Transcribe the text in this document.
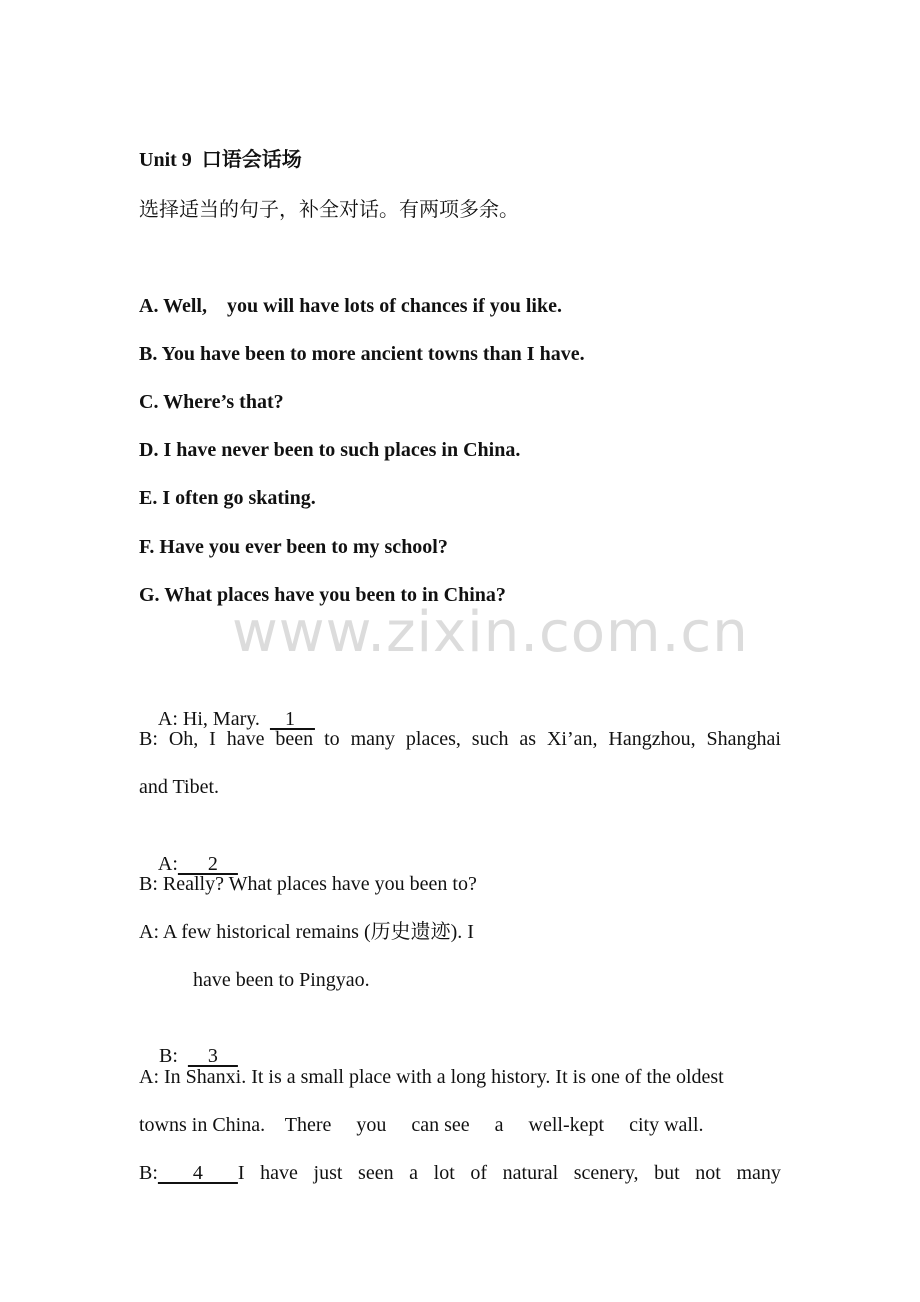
Unit 9  口语会话场
选择适当的句子，补全对话。有两项多余。
A. Well,    you will have lots of chances if you like.
B. You have been to more ancient towns than I have.
C. Where’s that?
D. I have never been to such places in China.
E. I often go skating.
F. Have you ever been to my school?
G. What places have you been to in China?
www.zixin.com.cn

A: Hi, Mary.     1

B: Oh, I have been to many places, such as Xi’an, Hangzhou, Shanghai
and Tibet.

A:      2

B: Really? What places have you been to?
A: A few historical remains (历史遗迹). I
have been to Pingyao.

B:      3

A: In Shanxi. It is a small place with a long history. It is one of the oldest
towns in China.    There     you     can see     a     well-kept     city wall.
B:       4       I have just seen a lot of natural scenery, but not many
